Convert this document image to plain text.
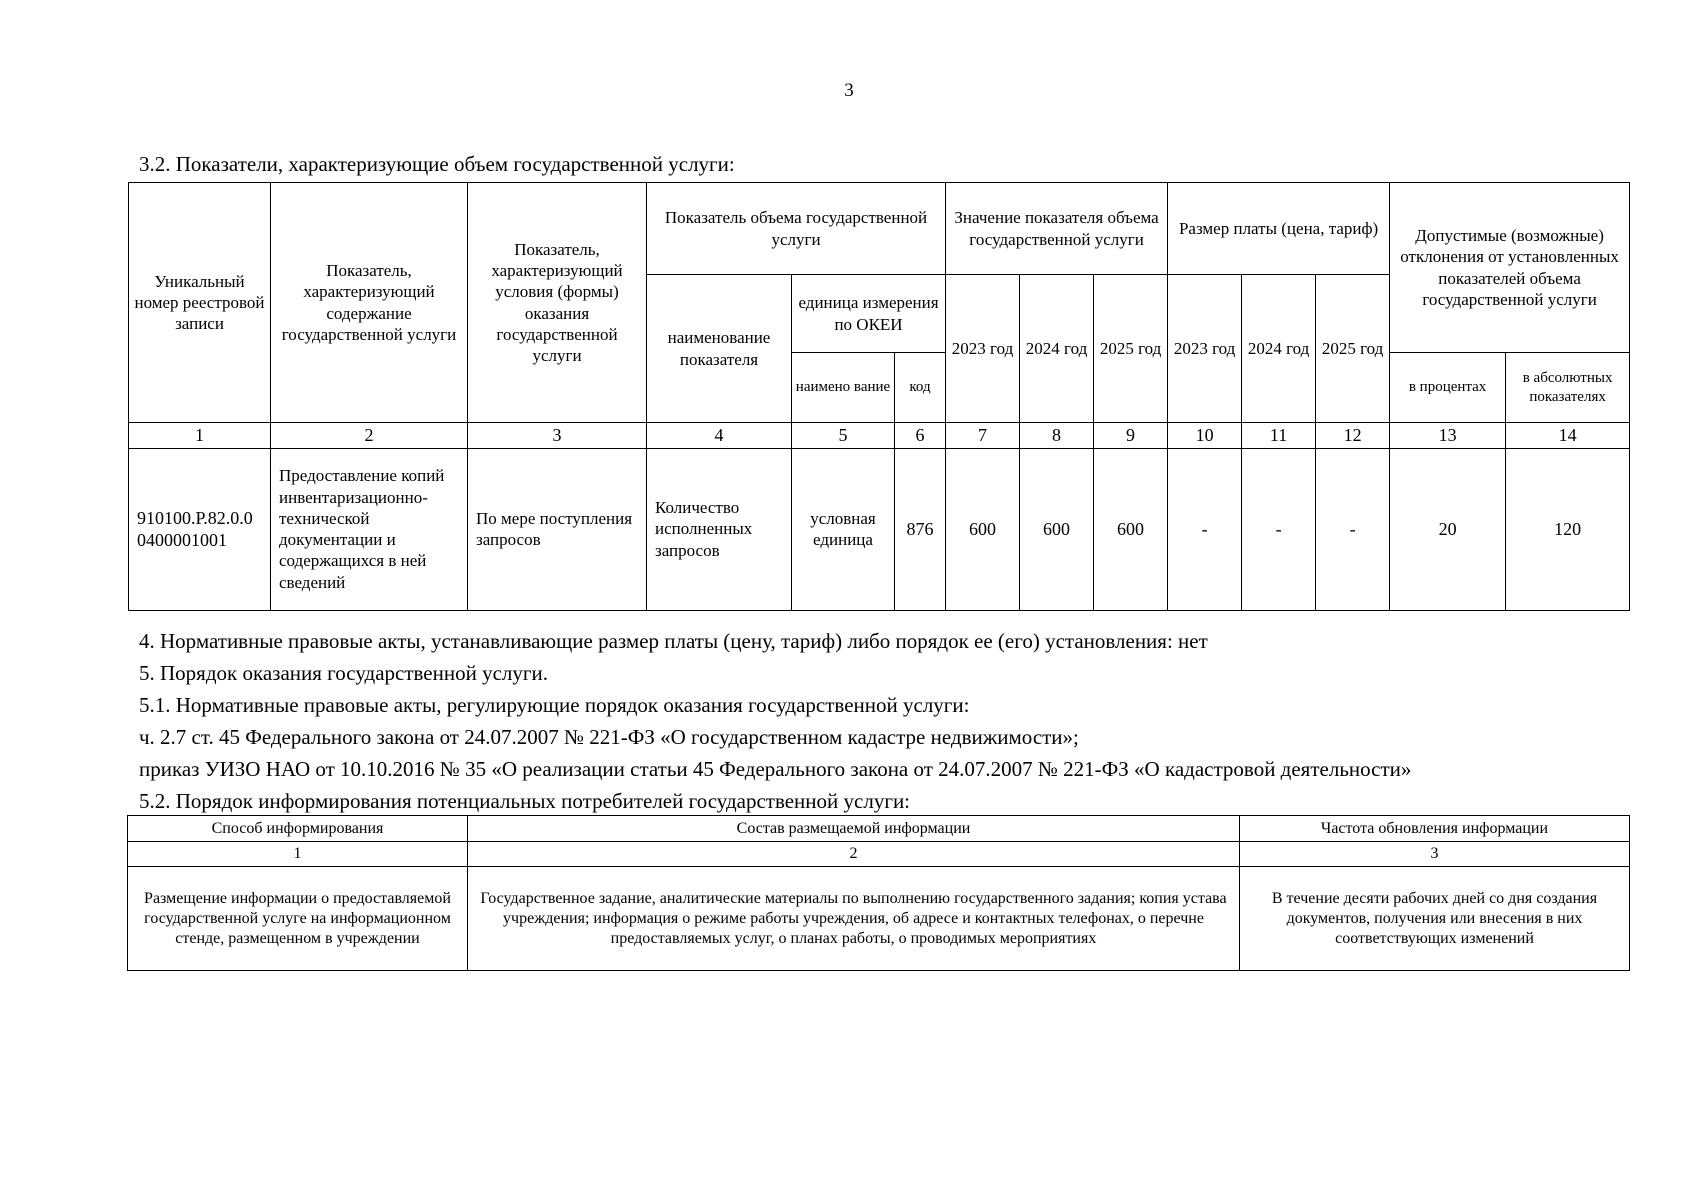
3
3.2. Показатели, характеризующие объем государственной услуги:
Уникальный номер реестровой записи	Показатель, характеризующий содержание государственной услуги	Показатель, характеризующий условия (формы) оказания государственной услуги	Показатель объема государственной услуги			Значение показателя объема государственной услуги			Размер платы (цена, тариф)			Допустимые (возможные) отклонения от установленных показателей объема государственной услуги	
			наименование показателя	единица измерения по ОКЕИ		2023 год	2024 год	2025 год	2023 год	2024 год	2025 год		
				наимено вание	код							в процентах	в абсолютных показателях
1	2	3	4	5	6	7	8	9	10	11	12	13	14
910100.Р.82.0.0 0400001001	Предоставление копий инвентаризационно-технической документации и содержащихся в ней сведений	По мере поступления запросов	Количество исполненных запросов	условная единица	876	600	600	600	-	-	-	20	120
4. Нормативные правовые акты, устанавливающие размер платы (цену, тариф) либо порядок ее (его) установления: нет
5. Порядок оказания государственной услуги.
5.1. Нормативные правовые акты, регулирующие порядок оказания государственной услуги:
ч. 2.7 ст. 45 Федерального закона от 24.07.2007 № 221-ФЗ «О государственном кадастре недвижимости»;
приказ УИЗО НАО от 10.10.2016 № 35 «О реализации статьи 45 Федерального закона от 24.07.2007 № 221-ФЗ «О кадастровой деятельности»
5.2. Порядок информирования потенциальных потребителей государственной услуги:
Способ информирования	Состав размещаемой информации	Частота обновления информации
1	2	3
Размещение информации о предоставляемой государственной услуге на информационном стенде, размещенном в учреждении	Государственное задание, аналитические материалы по выполнению государственного задания; копия устава учреждения; информация о режиме работы учреждения, об адресе и контактных телефонах, о перечне предоставляемых услуг, о планах работы, о проводимых мероприятиях	В течение десяти рабочих дней со дня создания документов, получения или внесения в них соответствующих изменений
